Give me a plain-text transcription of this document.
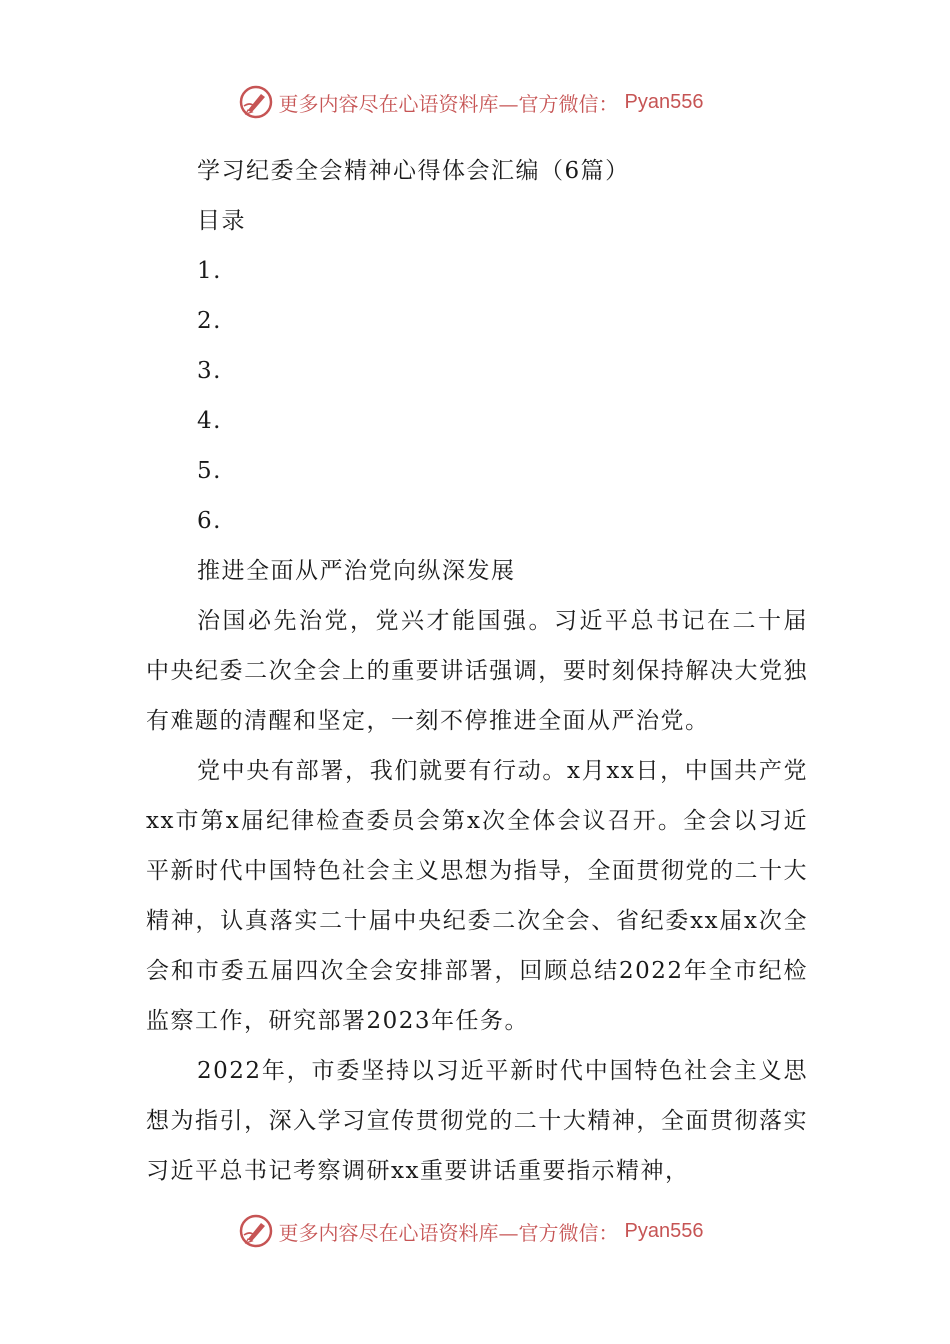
更多内容尽在心语资料库—官方微信： Pyan556
学习纪委全会精神心得体会汇编（6篇）
目录
1.
2.
3.
4.
5.
6.
推进全面从严治党向纵深发展

治国必先治党，党兴才能国强。习近平总书记在二十届中央纪委二次全会上的重要讲话强调，要时刻保持解决大党独有难题的清醒和坚定，一刻不停推进全面从严治党。

党中央有部署，我们就要有行动。x月xx日，中国共产党xx市第x届纪律检查委员会第x次全体会议召开。全会以习近平新时代中国特色社会主义思想为指导，全面贯彻党的二十大精神，认真落实二十届中央纪委二次全会、省纪委xx届x次全会和市委五届四次全会安排部署，回顾总结2022年全市纪检监察工作，研究部署2023年任务。

2022年，市委坚持以习近平新时代中国特色社会主义思想为指引，深入学习宣传贯彻党的二十大精神，全面贯彻落实习近平总书记考察调研xx重要讲话重要指示精神，

更多内容尽在心语资料库—官方微信： Pyan556
